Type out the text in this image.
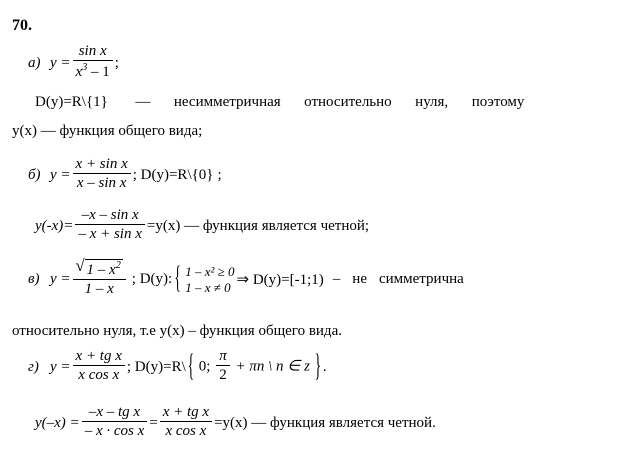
70.
а) $y = \frac{\text{sin x}}{x^3 - 1}$ ;
D(y)=R\{1} — несимметричная относительно нуля, поэтому
y(x) — функция общего вида;
б) $y = \frac{\text{x + sin x}}{\text{x – sin x}}$ ; D(y)=R\ {0} ;
$y(-x)= \frac{\text{–x – sin x}}{\text{– x + sin x}} =y(x)$ — функция является четной;
в) y = √ $\frac{1 - x^2}{1 - x}$ ; D(y):
{ 1 – x² ≥ 0
1 – x ≠ 0 ⇒ D(y)=[-1;1) – не симметрична
относительно нуля, т.е y(x) – функция общего вида.
г) $y = \frac{\text{x + tg x}}{\text{x cos x}}$ ; D(y)=R\ { 0; $\frac{\pi}{2} + \pi n$ \ n ∈ z } .
$y(-x) = \frac{\text{–x – tg x}}{\text{– x · cos x}} = \frac{\text{x + tg x}}{\text{x cos x}} =y(x)$ — функция является четной.
